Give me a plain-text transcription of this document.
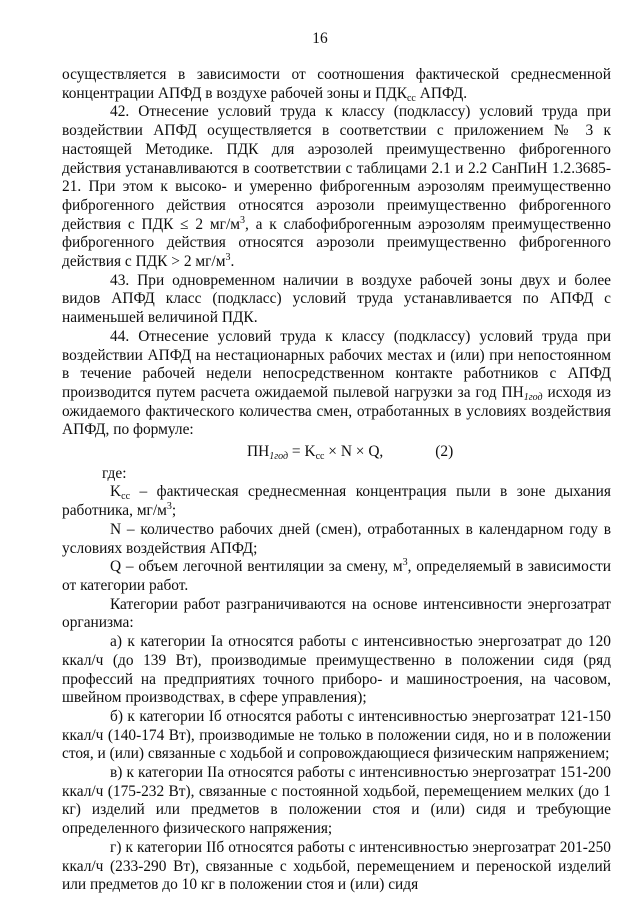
16

осуществляется в зависимости от соотношения фактической среднесменной концентрации АПФД в воздухе рабочей зоны и $ПДК_{сс}$ АПФД.

42. Отнесение условий труда к классу (подклассу) условий труда при воздействии АПФД осуществляется в соответствии с приложением № 3 к настоящей Методике. ПДК для аэрозолей преимущественно фиброгенного действия устанавливаются в соответствии с таблицами 2.1 и 2.2 СанПиН 1.2.3685-21. При этом к высоко- и умеренно фиброгенным аэрозолям преимущественно фиброгенного действия относятся аэрозоли преимущественно фиброгенного действия с ПДК ≤ 2 $мг/м^3$, а к слабофиброгенным аэрозолям преимущественно фиброгенного действия относятся аэрозоли преимущественно фиброгенного действия с ПДК > 2 $мг/м^3$.

43. При одновременном наличии в воздухе рабочей зоны двух и более видов АПФД класс (подкласс) условий труда устанавливается по АПФД с наименьшей величиной ПДК.

44. Отнесение условий труда к классу (подклассу) условий труда при воздействии АПФД на нестационарных рабочих местах и (или) при непостоянном в течение рабочей недели непосредственном контакте работников с АПФД производится путем расчета ожидаемой пылевой нагрузки за год $ПН_{1год}$ исходя из ожидаемого фактического количества смен, отработанных в условиях воздействия АПФД, по формуле:

$ПН_{1год} = K_{сс} \times N \times Q$,	(2)

где:

$K_{сс}$ – фактическая среднесменная концентрация пыли в зоне дыхания работника, $мг/м^3$;

N – количество рабочих дней (смен), отработанных в календарном году в условиях воздействия АПФД;

Q – объем легочной вентиляции за смену, $м^3$, определяемый в зависимости от категории работ.

Категории работ разграничиваются на основе интенсивности энергозатрат организма:

а) к категории Iа относятся работы с интенсивностью энергозатрат до 120 ккал/ч (до 139 Вт), производимые преимущественно в положении сидя (ряд профессий на предприятиях точного приборо- и машиностроения, на часовом, швейном производствах, в сфере управления);

б) к категории Iб относятся работы с интенсивностью энергозатрат 121-150 ккал/ч (140-174 Вт), производимые не только в положении сидя, но и в положении стоя, и (или) связанные с ходьбой и сопровождающиеся физическим напряжением;

в) к категории IIа относятся работы с интенсивностью энергозатрат 151-200 ккал/ч (175-232 Вт), связанные с постоянной ходьбой, перемещением мелких (до 1 кг) изделий или предметов в положении стоя и (или) сидя и требующие определенного физического напряжения;

г) к категории IIб относятся работы с интенсивностью энергозатрат 201-250 ккал/ч (233-290 Вт), связанные с ходьбой, перемещением и переноской изделий или предметов до 10 кг в положении стоя и (или) сидя
